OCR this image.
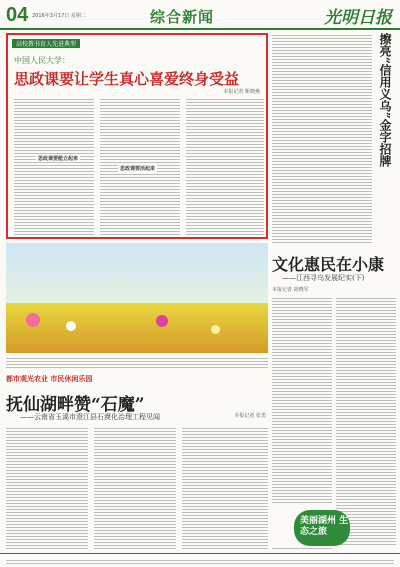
04 2016年3月17日 星期二	综合新闻	光明日报
高校教书育人先进典型
中国人民大学：
思政课要让学生真心喜爱终身受益
本报记者 靳晓燕
思政课要能立起来
思政课要活起来
擦亮“信用义乌”金字招牌
都市观光农业 市民休闲乐园
抚仙湖畔赞“石魔”
——云南省玉溪市澄江县石漠化治理工程见闻	本报记者 张勇
文化惠民在小康
——江西寻乌发展纪实(下)
本报记者 胡晓军
美丽湖州 生态之旅
